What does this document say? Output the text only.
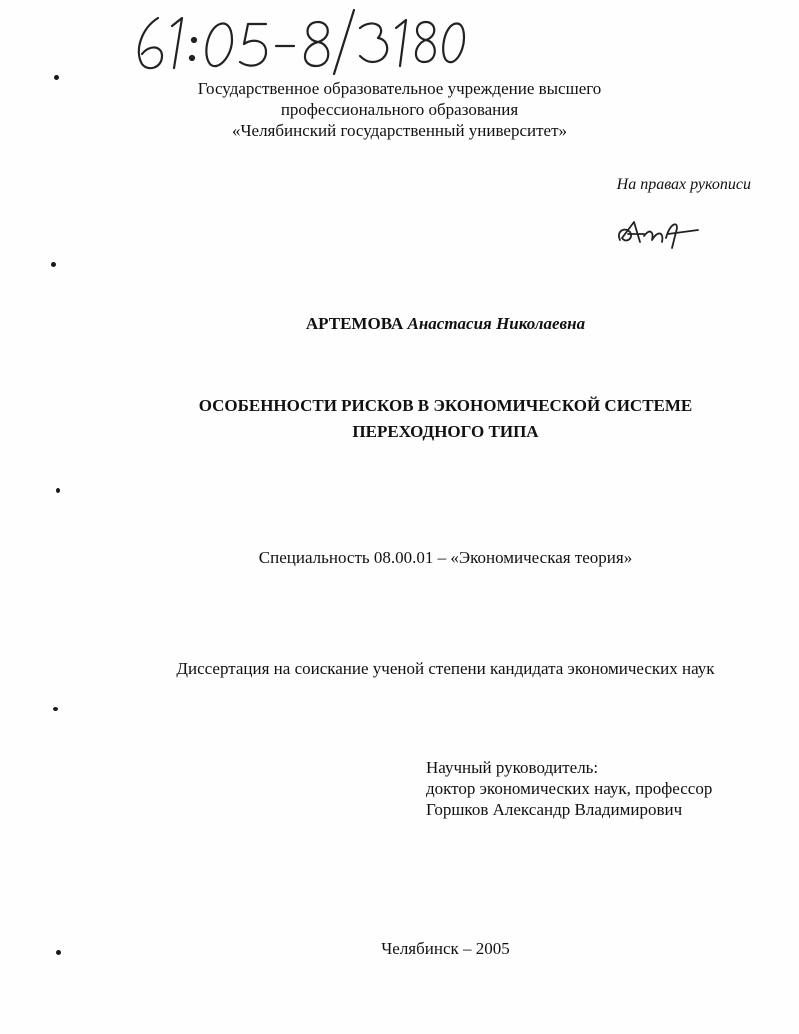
Государственное образовательное учреждение высшего
профессионального образования
«Челябинский государственный университет»
На правах рукописи
АРТЕМОВА Анастасия Николаевна
ОСОБЕННОСТИ РИСКОВ В ЭКОНОМИЧЕСКОЙ СИСТЕМЕ
ПЕРЕХОДНОГО ТИПА
Специальность 08.00.01 – «Экономическая теория»
Диссертация на соискание ученой степени кандидата экономических наук
Научный руководитель:
доктор экономических наук, профессор
Горшков Александр Владимирович
Челябинск – 2005
